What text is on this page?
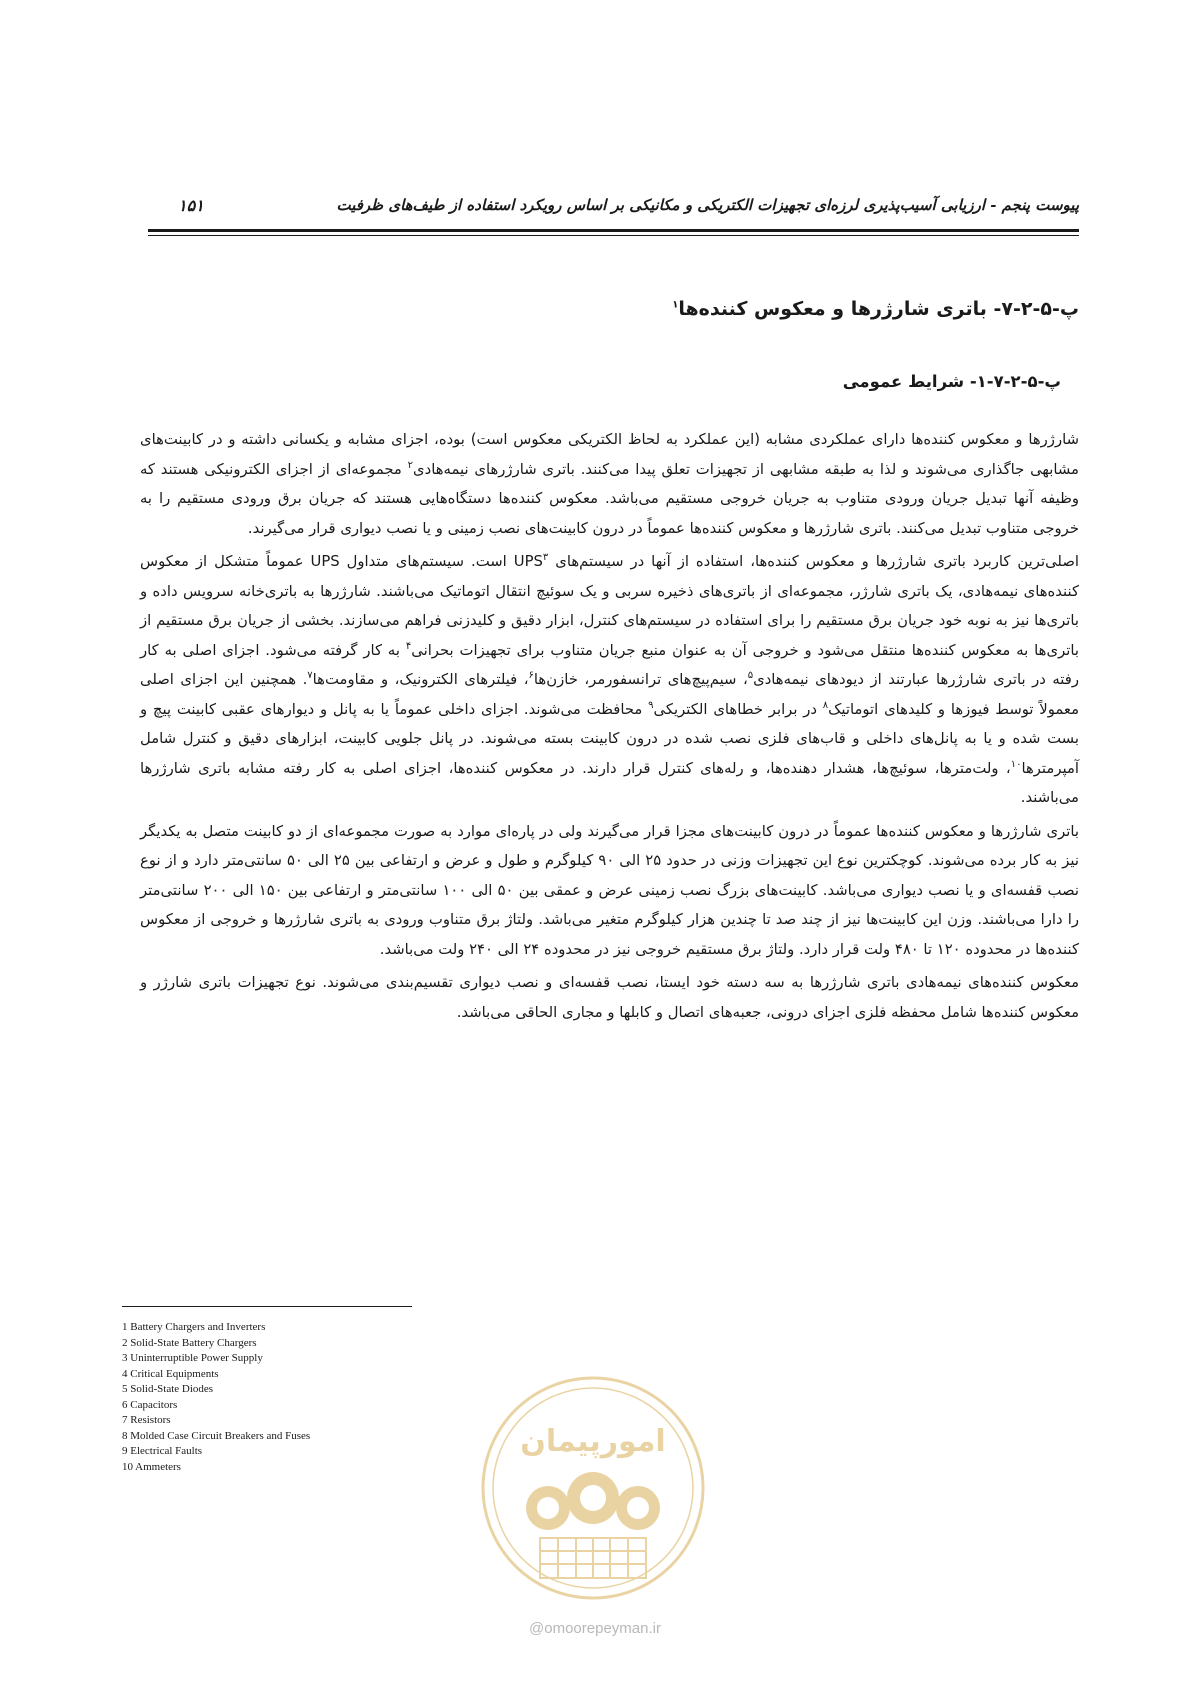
پیوست پنجم - ارزیابی آسیب‌پذیری لرزه‌ای تجهیزات الکتریکی و مکانیکی بر اساس رویکرد استفاده از طیف‌های ظرفیت
۱۵۱
پ-۵-۲-۷- باتری شارژرها و معکوس کننده‌ها$^۱$
پ-۵-۲-۷-۱- شرایط عمومی

شارژرها و معکوس کننده‌ها دارای عملکردی مشابه (این عملکرد به لحاظ الکتریکی معکوس است) بوده، اجزای مشابه و یکسانی داشته و در کابینت‌های مشابهی جاگذاری می‌شوند و لذا به طبقه مشابهی از تجهیزات تعلق پیدا می‌کنند. باتری شارژرهای نیمه‌هادی$^۲$ مجموعه‌ای از اجزای الکترونیکی هستند که وظیفه آنها تبدیل جریان ورودی متناوب به جریان خروجی مستقیم می‌باشد. معکوس کننده‌ها دستگاه‌هایی هستند که جریان برق ورودی مستقیم را به خروجی متناوب تبدیل می‌کنند. باتری شارژرها و معکوس کننده‌ها عموماً در درون کابینت‌های نصب زمینی و یا نصب دیواری قرار می‌گیرند.

اصلی‌ترین کاربرد باتری شارژرها و معکوس کننده‌ها، استفاده از آنها در سیستم‌های UPS$^۳$ است. سیستم‌های متداول UPS عموماً متشکل از معکوس کننده‌های نیمه‌هادی، یک باتری شارژر، مجموعه‌ای از باتری‌های ذخیره سربی و یک سوئیچ انتقال اتوماتیک می‌باشند. شارژرها به باتری‌خانه سرویس داده و باتری‌ها نیز به نوبه خود جریان برق مستقیم را برای استفاده در سیستم‌های کنترل، ابزار دقیق و کلیدزنی فراهم می‌سازند. بخشی از جریان برق مستقیم از باتری‌ها به معکوس کننده‌ها منتقل می‌شود و خروجی آن به عنوان منبع جریان متناوب برای تجهیزات بحرانی$^۴$ به کار گرفته می‌شود. اجزای اصلی به کار رفته در باتری شارژرها عبارتند از دیودهای نیمه‌هادی$^۵$، سیم‌پیچ‌های ترانسفورمر، خازن‌ها$^۶$، فیلترهای الکترونیک، و مقاومت‌ها$^۷$. همچنین این اجزای اصلی معمولاً توسط فیوزها و کلیدهای اتوماتیک$^۸$ در برابر خطاهای الکتریکی$^۹$ محافظت می‌شوند. اجزای داخلی عموماً یا به پانل و دیوارهای عقبی کابینت پیچ و بست شده و یا به پانل‌های داخلی و قاب‌های فلزی نصب شده در درون کابینت بسته می‌شوند. در پانل جلویی کابینت، ابزارهای دقیق و کنترل شامل آمپرمترها$^{۱۰}$، ولت‌مترها، سوئیچ‌ها، هشدار دهنده‌ها، و رله‌های کنترل قرار دارند. در معکوس کننده‌ها، اجزای اصلی به کار رفته مشابه باتری شارژرها می‌باشند.

باتری شارژرها و معکوس کننده‌ها عموماً در درون کابینت‌های مجزا قرار می‌گیرند ولی در پاره‌ای موارد به صورت مجموعه‌ای از دو کابینت متصل به یکدیگر نیز به کار برده می‌شوند. کوچکترین نوع این تجهیزات وزنی در حدود ۲۵ الی ۹۰ کیلوگرم و طول و عرض و ارتفاعی بین ۲۵ الی ۵۰ سانتی‌متر دارد و از نوع نصب قفسه‌ای و یا نصب دیواری می‌باشد. کابینت‌های بزرگ نصب زمینی عرض و عمقی بین ۵۰ الی ۱۰۰ سانتی‌متر و ارتفاعی بین ۱۵۰ الی ۲۰۰ سانتی‌متر را دارا می‌باشند. وزن این کابینت‌ها نیز از چند صد تا چندین هزار کیلوگرم متغیر می‌باشد. ولتاژ برق متناوب ورودی به باتری شارژرها و خروجی از معکوس کننده‌ها در محدوده ۱۲۰ تا ۴۸۰ ولت قرار دارد. ولتاژ برق مستقیم خروجی نیز در محدوده ۲۴ الی ۲۴۰ ولت می‌باشد.

معکوس کننده‌های نیمه‌هادی باتری شارژرها به سه دسته خود ایستا، نصب قفسه‌ای و نصب دیواری تقسیم‌بندی می‌شوند. نوع تجهیزات باتری شارژر و معکوس کننده‌ها شامل محفظه فلزی اجزای درونی، جعبه‌های اتصال و کابلها و مجاری الحاقی می‌باشد.

1 Battery Chargers and Inverters
2 Solid-State Battery Chargers
3 Uninterruptible Power Supply
4 Critical Equipments
5 Solid-State Diodes
6 Capacitors
7 Resistors
8 Molded Case Circuit Breakers and Fuses
9 Electrical Faults
10 Ammeters
امورپیمان
@omoorepeyman.ir
